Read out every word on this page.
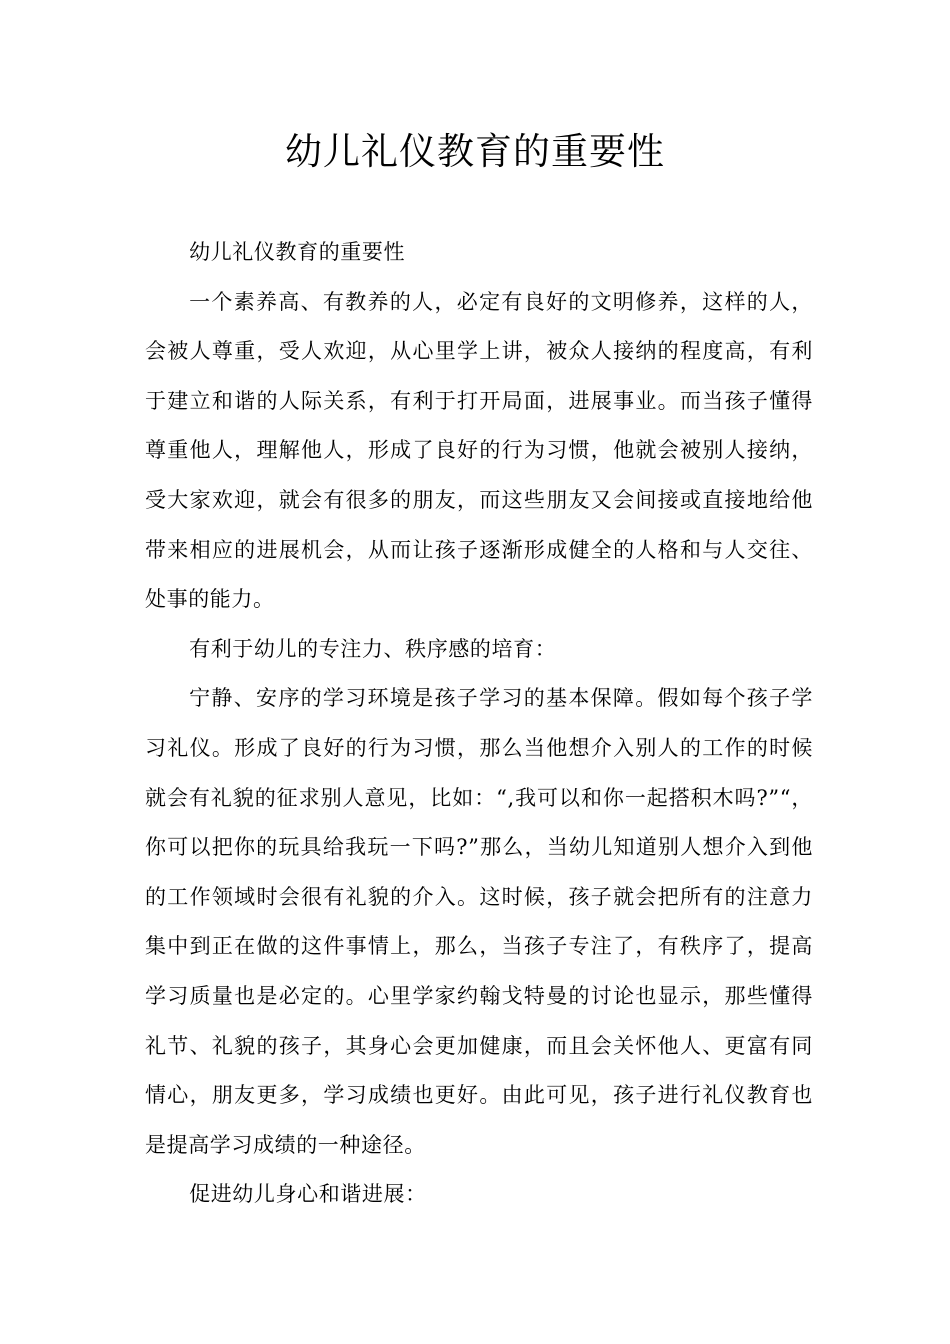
幼儿礼仪教育的重要性

幼儿礼仪教育的重要性

一个素养高、有教养的人，必定有良好的文明修养，这样的人，会被人尊重，受人欢迎，从心里学上讲，被众人接纳的程度高，有利于建立和谐的人际关系，有利于打开局面，进展事业。而当孩子懂得尊重他人，理解他人，形成了良好的行为习惯，他就会被别人接纳，受大家欢迎，就会有很多的朋友，而这些朋友又会间接或直接地给他带来相应的进展机会，从而让孩子逐渐形成健全的人格和与人交往、处事的能力。

有利于幼儿的专注力、秩序感的培育：

宁静、安序的学习环境是孩子学习的基本保障。假如每个孩子学习礼仪。形成了良好的行为习惯，那么当他想介入别人的工作的时候就会有礼貌的征求别人意见，比如：“,我可以和你一起搭积木吗?”“，你可以把你的玩具给我玩一下吗?”那么，当幼儿知道别人想介入到他的工作领域时会很有礼貌的介入。这时候，孩子就会把所有的注意力集中到正在做的这件事情上，那么，当孩子专注了，有秩序了，提高学习质量也是必定的。心里学家约翰戈特曼的讨论也显示，那些懂得礼节、礼貌的孩子，其身心会更加健康，而且会关怀他人、更富有同情心，朋友更多，学习成绩也更好。由此可见，孩子进行礼仪教育也是提高学习成绩的一种途径。

促进幼儿身心和谐进展：
